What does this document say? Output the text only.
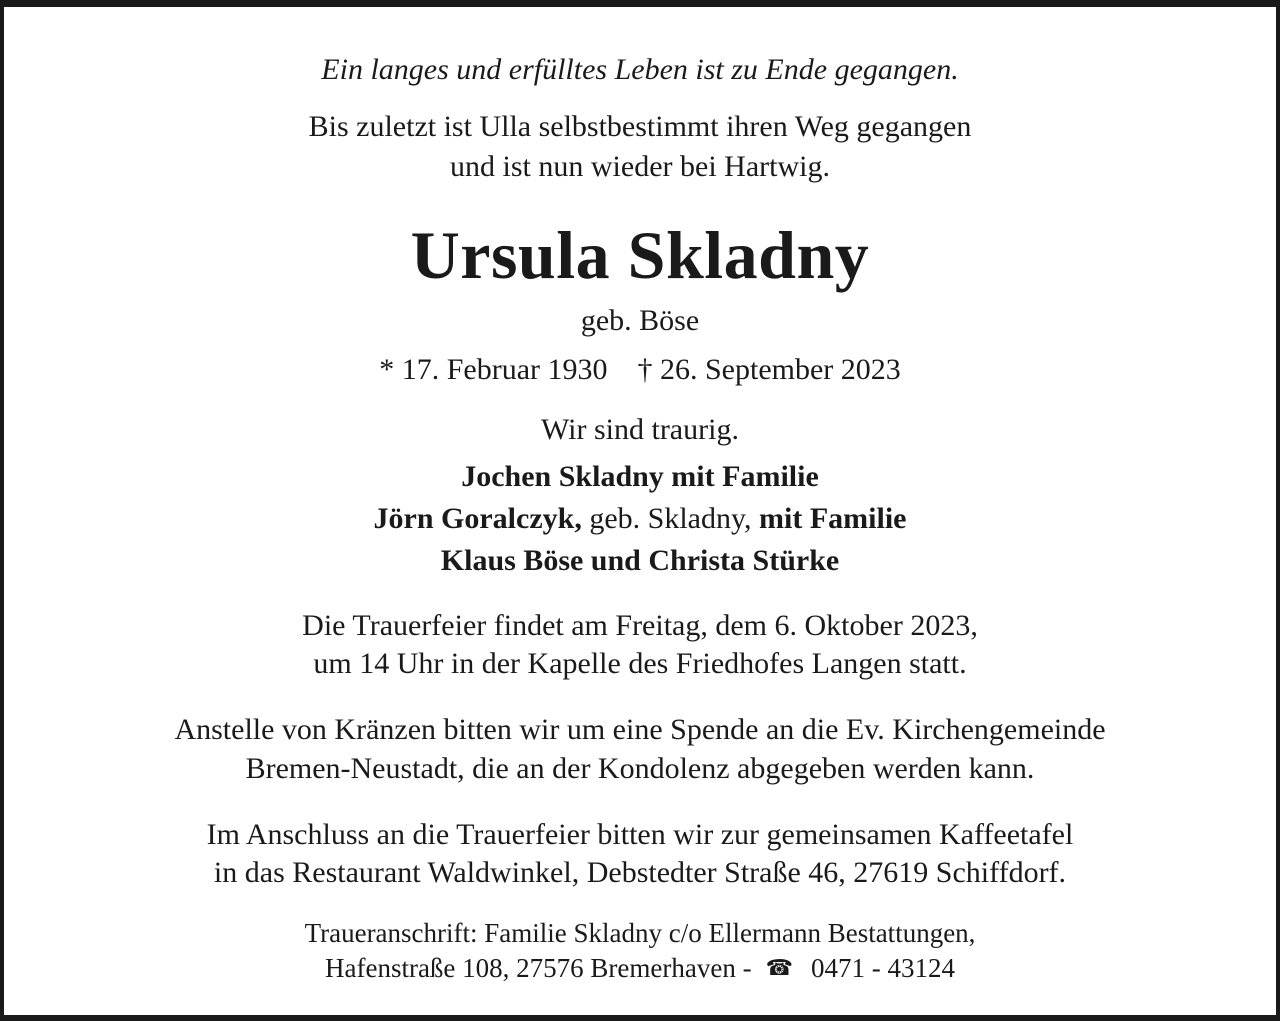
Ein langes und erfülltes Leben ist zu Ende gegangen.
Bis zuletzt ist Ulla selbstbestimmt ihren Weg gegangen
und ist nun wieder bei Hartwig.
Ursula Skladny
geb. Böse
* 17. Februar 1930 † 26. September 2023
Wir sind traurig.
Jochen Skladny mit Familie
Jörn Goralczyk, geb. Skladny, mit Familie
Klaus Böse und Christa Stürke
Die Trauerfeier findet am Freitag, dem 6. Oktober 2023,
um 14 Uhr in der Kapelle des Friedhofes Langen statt.
Anstelle von Kränzen bitten wir um eine Spende an die Ev. Kirchengemeinde
Bremen-Neustadt, die an der Kondolenz abgegeben werden kann.
Im Anschluss an die Trauerfeier bitten wir zur gemeinsamen Kaffeetafel
in das Restaurant Waldwinkel, Debstedter Straße 46, 27619 Schiffdorf.
Traueranschrift: Familie Skladny c/o Ellermann Bestattungen,
Hafenstraße 108, 27576 Bremerhaven - ☎ 0471 - 43124
